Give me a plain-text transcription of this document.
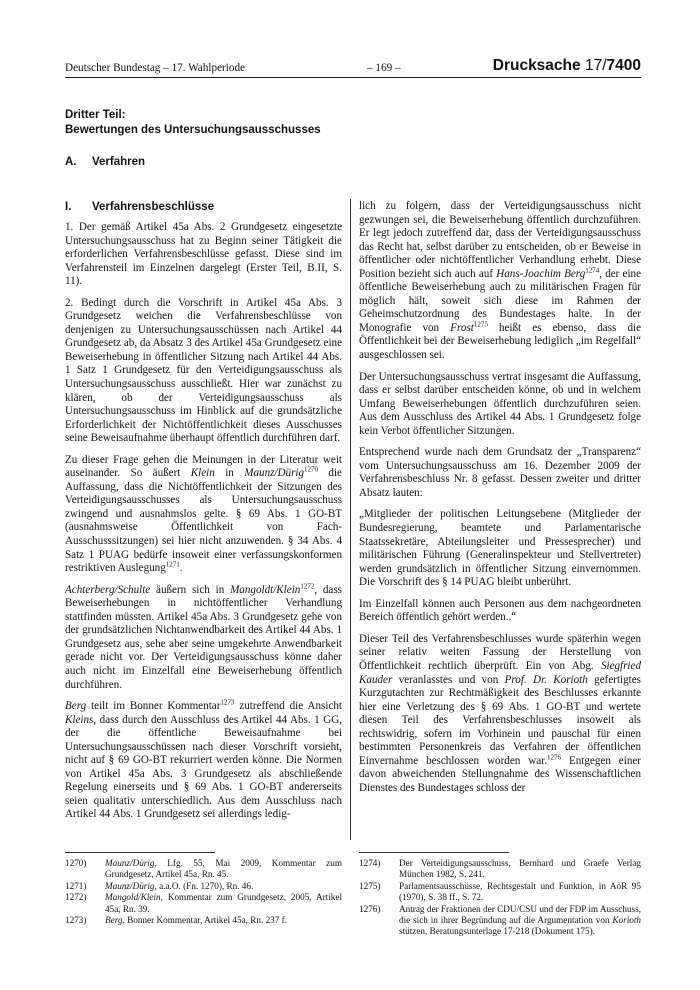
Deutscher Bundestag – 17. Wahlperiode	– 169 –	Drucksache 17/7400
Dritter Teil:
Bewertungen des Untersuchungsausschusses
A. Verfahren
I. Verfahrensbeschlüsse

1. Der gemäß Artikel 45a Abs. 2 Grundgesetz eingesetzte Untersuchungsausschuss hat zu Beginn seiner Tätigkeit die erforderlichen Verfahrensbeschlüsse gefasst. Diese sind im Verfahrensteil im Einzelnen dargelegt (Erster Teil, B.II, S. 11).

2. Bedingt durch die Vorschrift in Artikel 45a Abs. 3 Grundgesetz weichen die Verfahrensbeschlüsse von denjenigen zu Untersuchungsausschüssen nach Artikel 44 Grundgesetz ab, da Absatz 3 des Artikel 45a Grundgesetz eine Beweiserhebung in öffentlicher Sitzung nach Artikel 44 Abs. 1 Satz 1 Grundgesetz für den Verteidigungsausschuss als Untersuchungsausschuss ausschließt. Hier war zunächst zu klären, ob der Verteidigungsausschuss als Untersuchungsausschuss im Hinblick auf die grundsätzliche Erforderlichkeit der Nichtöffentlichkeit dieses Ausschusses seine Beweisaufnahme überhaupt öffentlich durchführen darf.

Zu dieser Frage gehen die Meinungen in der Literatur weit auseinander. So äußert Klein in Maunz/Dürig$^{1270}$ die Auffassung, dass die Nichtöffentlichkeit der Sitzungen des Verteidigungsausschusses als Untersuchungsausschuss zwingend und ausnahmslos gelte. § 69 Abs. 1 GO-BT (ausnahmsweise Öffentlichkeit von Fach-Ausschusssitzungen) sei hier nicht anzuwenden. § 34 Abs. 4 Satz 1 PUAG bedürfe insoweit einer verfassungskonformen restriktiven Auslegung$^{1271}$.

Achterberg/Schulte äußern sich in Mangoldt/Klein$^{1272}$, dass Beweiserhebungen in nichtöffentlicher Verhandlung stattfinden müssten. Artikel 45a Abs. 3 Grundgesetz gehe von der grundsätzlichen Nichtanwendbarkeit des Artikel 44 Abs. 1 Grundgesetz aus, sehe aber seine umgekehrte Anwendbarkeit gerade nicht vor. Der Verteidigungsausschuss könne daher auch nicht im Einzelfall eine Beweiserhebung öffentlich durchführen.

Berg teilt im Bonner Kommentar$^{1273}$ zutreffend die Ansicht Kleins, dass durch den Ausschluss des Artikel 44 Abs. 1 GG, der die öffentliche Beweisaufnahme bei Untersuchungsausschüssen nach dieser Vorschrift vorsieht, nicht auf § 69 GO-BT rekurriert werden könne. Die Normen von Artikel 45a Abs. 3 Grundgesetz als abschließende Regelung einerseits und § 69 Abs. 1 GO-BT andererseits seien qualitativ unterschiedlich. Aus dem Ausschluss nach Artikel 44 Abs. 1 Grundgesetz sei allerdings ledig-

lich zu folgern, dass der Verteidigungsausschuss nicht gezwungen sei, die Beweiserhebung öffentlich durchzuführen. Er legt jedoch zutreffend dar, dass der Verteidigungsausschuss das Recht hat, selbst darüber zu entscheiden, ob er Beweise in öffentlicher oder nichtöffentlicher Verhandlung erhebt. Diese Position bezieht sich auch auf Hans-Joachim Berg$^{1274}$, der eine öffentliche Beweiserhebung auch zu militärischen Fragen für möglich hält, soweit sich diese im Rahmen der Geheimschutzordnung des Bundestages halte. In der Monografie von Frost$^{1275}$ heißt es ebenso, dass die Öffentlichkeit bei der Beweiserhebung lediglich „im Regelfall“ ausgeschlossen sei.

Der Untersuchungsausschuss vertrat insgesamt die Auffassung, dass er selbst darüber entscheiden könne, ob und in welchem Umfang Beweiserhebungen öffentlich durchzuführen seien. Aus dem Ausschluss des Artikel 44 Abs. 1 Grundgesetz folge kein Verbot öffentlicher Sitzungen.

Entsprechend wurde nach dem Grundsatz der „Transparenz“ vom Untersuchungsausschuss am 16. Dezember 2009 der Verfahrensbeschluss Nr. 8 gefasst. Dessen zweiter und dritter Absatz lauten:

„Mitglieder der politischen Leitungsebene (Mitglieder der Bundesregierung, beamtete und Parlamentarische Staatssekretäre, Abteilungsleiter und Pressesprecher) und militärischen Führung (Generalinspekteur und Stellvertreter) werden grundsätzlich in öffentlicher Sitzung einvernommen. Die Vorschrift des § 14 PUAG bleibt unberührt.

Im Einzelfall können auch Personen aus dem nachgeordneten Bereich öffentlich gehört werden..“

Dieser Teil des Verfahrensbeschlusses wurde späterhin wegen seiner relativ weiten Fassung der Herstellung von Öffentlichkeit rechtlich überprüft. Ein von Abg. Siegfried Kauder veranlasstes und von Prof. Dr. Korioth gefertigtes Kurzgutachten zur Rechtmäßigkeit des Beschlusses erkannte hier eine Verletzung des § 69 Abs. 1 GO-BT und wertete diesen Teil des Verfahrensbeschlusses insoweit als rechtswidrig, sofern im Vorhinein und pauschal für einen bestimmten Personenkreis das Verfahren der öffentlichen Einvernahme beschlossen worden war.$^{1276}$ Entgegen einer davon abweichenden Stellungnahme des Wissenschaftlichen Dienstes des Bundestages schloss der

1270) Maunz/Dürig, Lfg. 55, Mai 2009, Kommentar zum Grundgesetz, Artikel 45a, Rn. 45.

1271) Maunz/Dürig, a.a.O. (Fn. 1270), Rn. 46.

1272) Mangold/Klein, Kommentar zum Grundgesetz, 2005, Artikel 45a, Rn. 39.

1273) Berg, Bonner Kommentar, Artikel 45a, Rn. 237 f.

1274) Der Verteidigungsausschuss, Bernhard und Graefe Verlag München 1982, S. 241.

1275) Parlamentsausschüsse, Rechtsgestalt und Funktion, in AöR 95 (1970), S. 38 ff., S. 72.

1276) Antrag der Fraktionen der CDU/CSU und der FDP im Ausschuss, die sich in ihrer Begründung auf die Argumentation von Korioth stützen, Beratungsunterlage 17-218 (Dokument 175).
